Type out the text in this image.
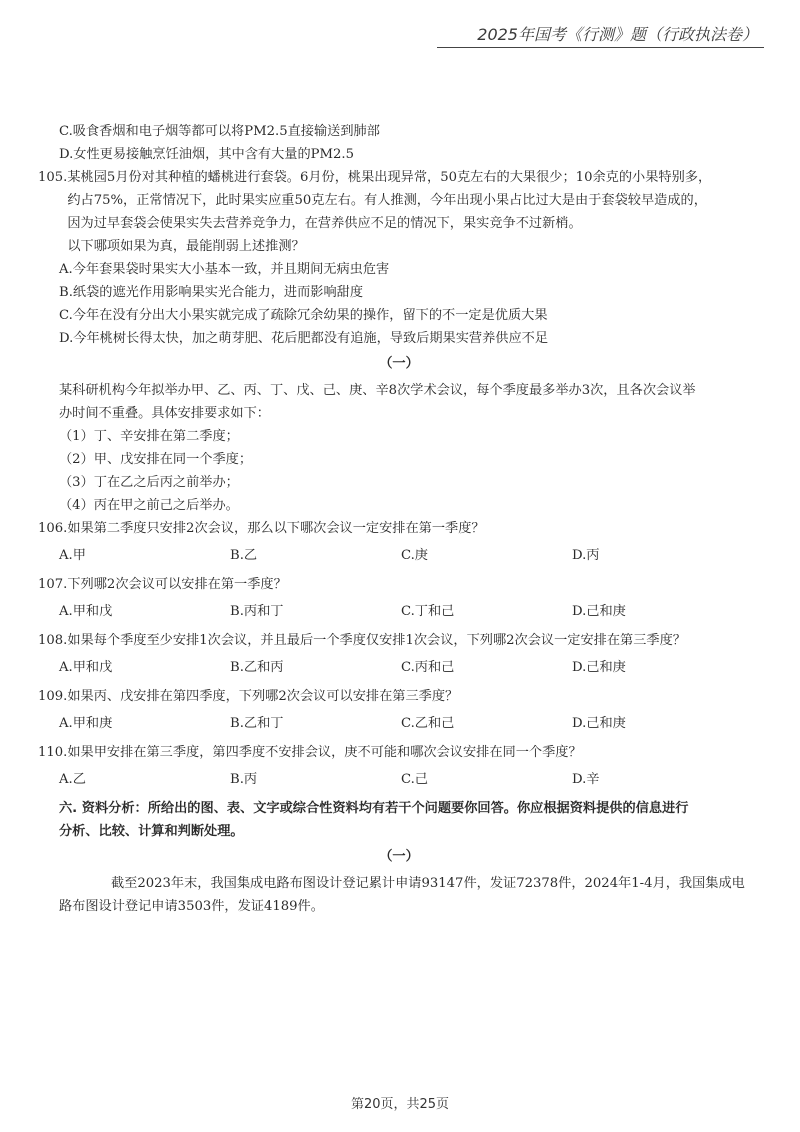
2025年国考《行测》题（行政执法卷）
C.吸食香烟和电子烟等都可以将PM2.5直接输送到肺部
D.女性更易接触烹饪油烟，其中含有大量的PM2.5
105. 某桃园5月份对其种植的蟠桃进行套袋。6月份，桃果出现异常，50克左右的大果很少；10余克的小果特别多，
约占75%，正常情况下，此时果实应重50克左右。有人推测，今年出现小果占比过大是由于套袋较早造成的，
因为过早套袋会使果实失去营养竞争力，在营养供应不足的情况下，果实竞争不过新梢。
以下哪项如果为真，最能削弱上述推测？
A.今年套果袋时果实大小基本一致，并且期间无病虫危害
B.纸袋的遮光作用影响果实光合能力，进而影响甜度
C.今年在没有分出大小果实就完成了疏除冗余幼果的操作，留下的不一定是优质大果
D.今年桃树长得太快，加之萌芽肥、花后肥都没有追施，导致后期果实营养供应不足
（一）
某科研机构今年拟举办甲、乙、丙、丁、戊、己、庚、辛8次学术会议，每个季度最多举办3次，且各次会议举
办时间不重叠。具体安排要求如下：
（1）丁、辛安排在第二季度；
（2）甲、戊安排在同一个季度；
（3）丁在乙之后丙之前举办；
（4）丙在甲之前己之后举办。
106.如果第二季度只安排2次会议，那么以下哪次会议一定安排在第一季度？
A.甲	B.乙	C.庚	D.丙
107.下列哪2次会议可以安排在第一季度？
A.甲和戊	B.丙和丁	C.丁和己	D.己和庚
108.如果每个季度至少安排1次会议，并且最后一个季度仅安排1次会议，下列哪2次会议一定安排在第三季度？
A.甲和戊	B.乙和丙	C.丙和己	D.己和庚
109.如果丙、戊安排在第四季度，下列哪2次会议可以安排在第三季度？
A.甲和庚	B.乙和丁	C.乙和己	D.己和庚
110.如果甲安排在第三季度，第四季度不安排会议，庚不可能和哪次会议安排在同一个季度？
A.乙	B.丙	C.己	D.辛
六. 资料分析：所给出的图、表、文字或综合性资料均有若干个问题要你回答。你应根据资料提供的信息进行
分析、比较、计算和判断处理。
（一）
截至2023年末，我国集成电路布图设计登记累计申请93147件，发证72378件，2024年1-4月，我国集成电
路布图设计登记申请3503件，发证4189件。
第20页，共25页
